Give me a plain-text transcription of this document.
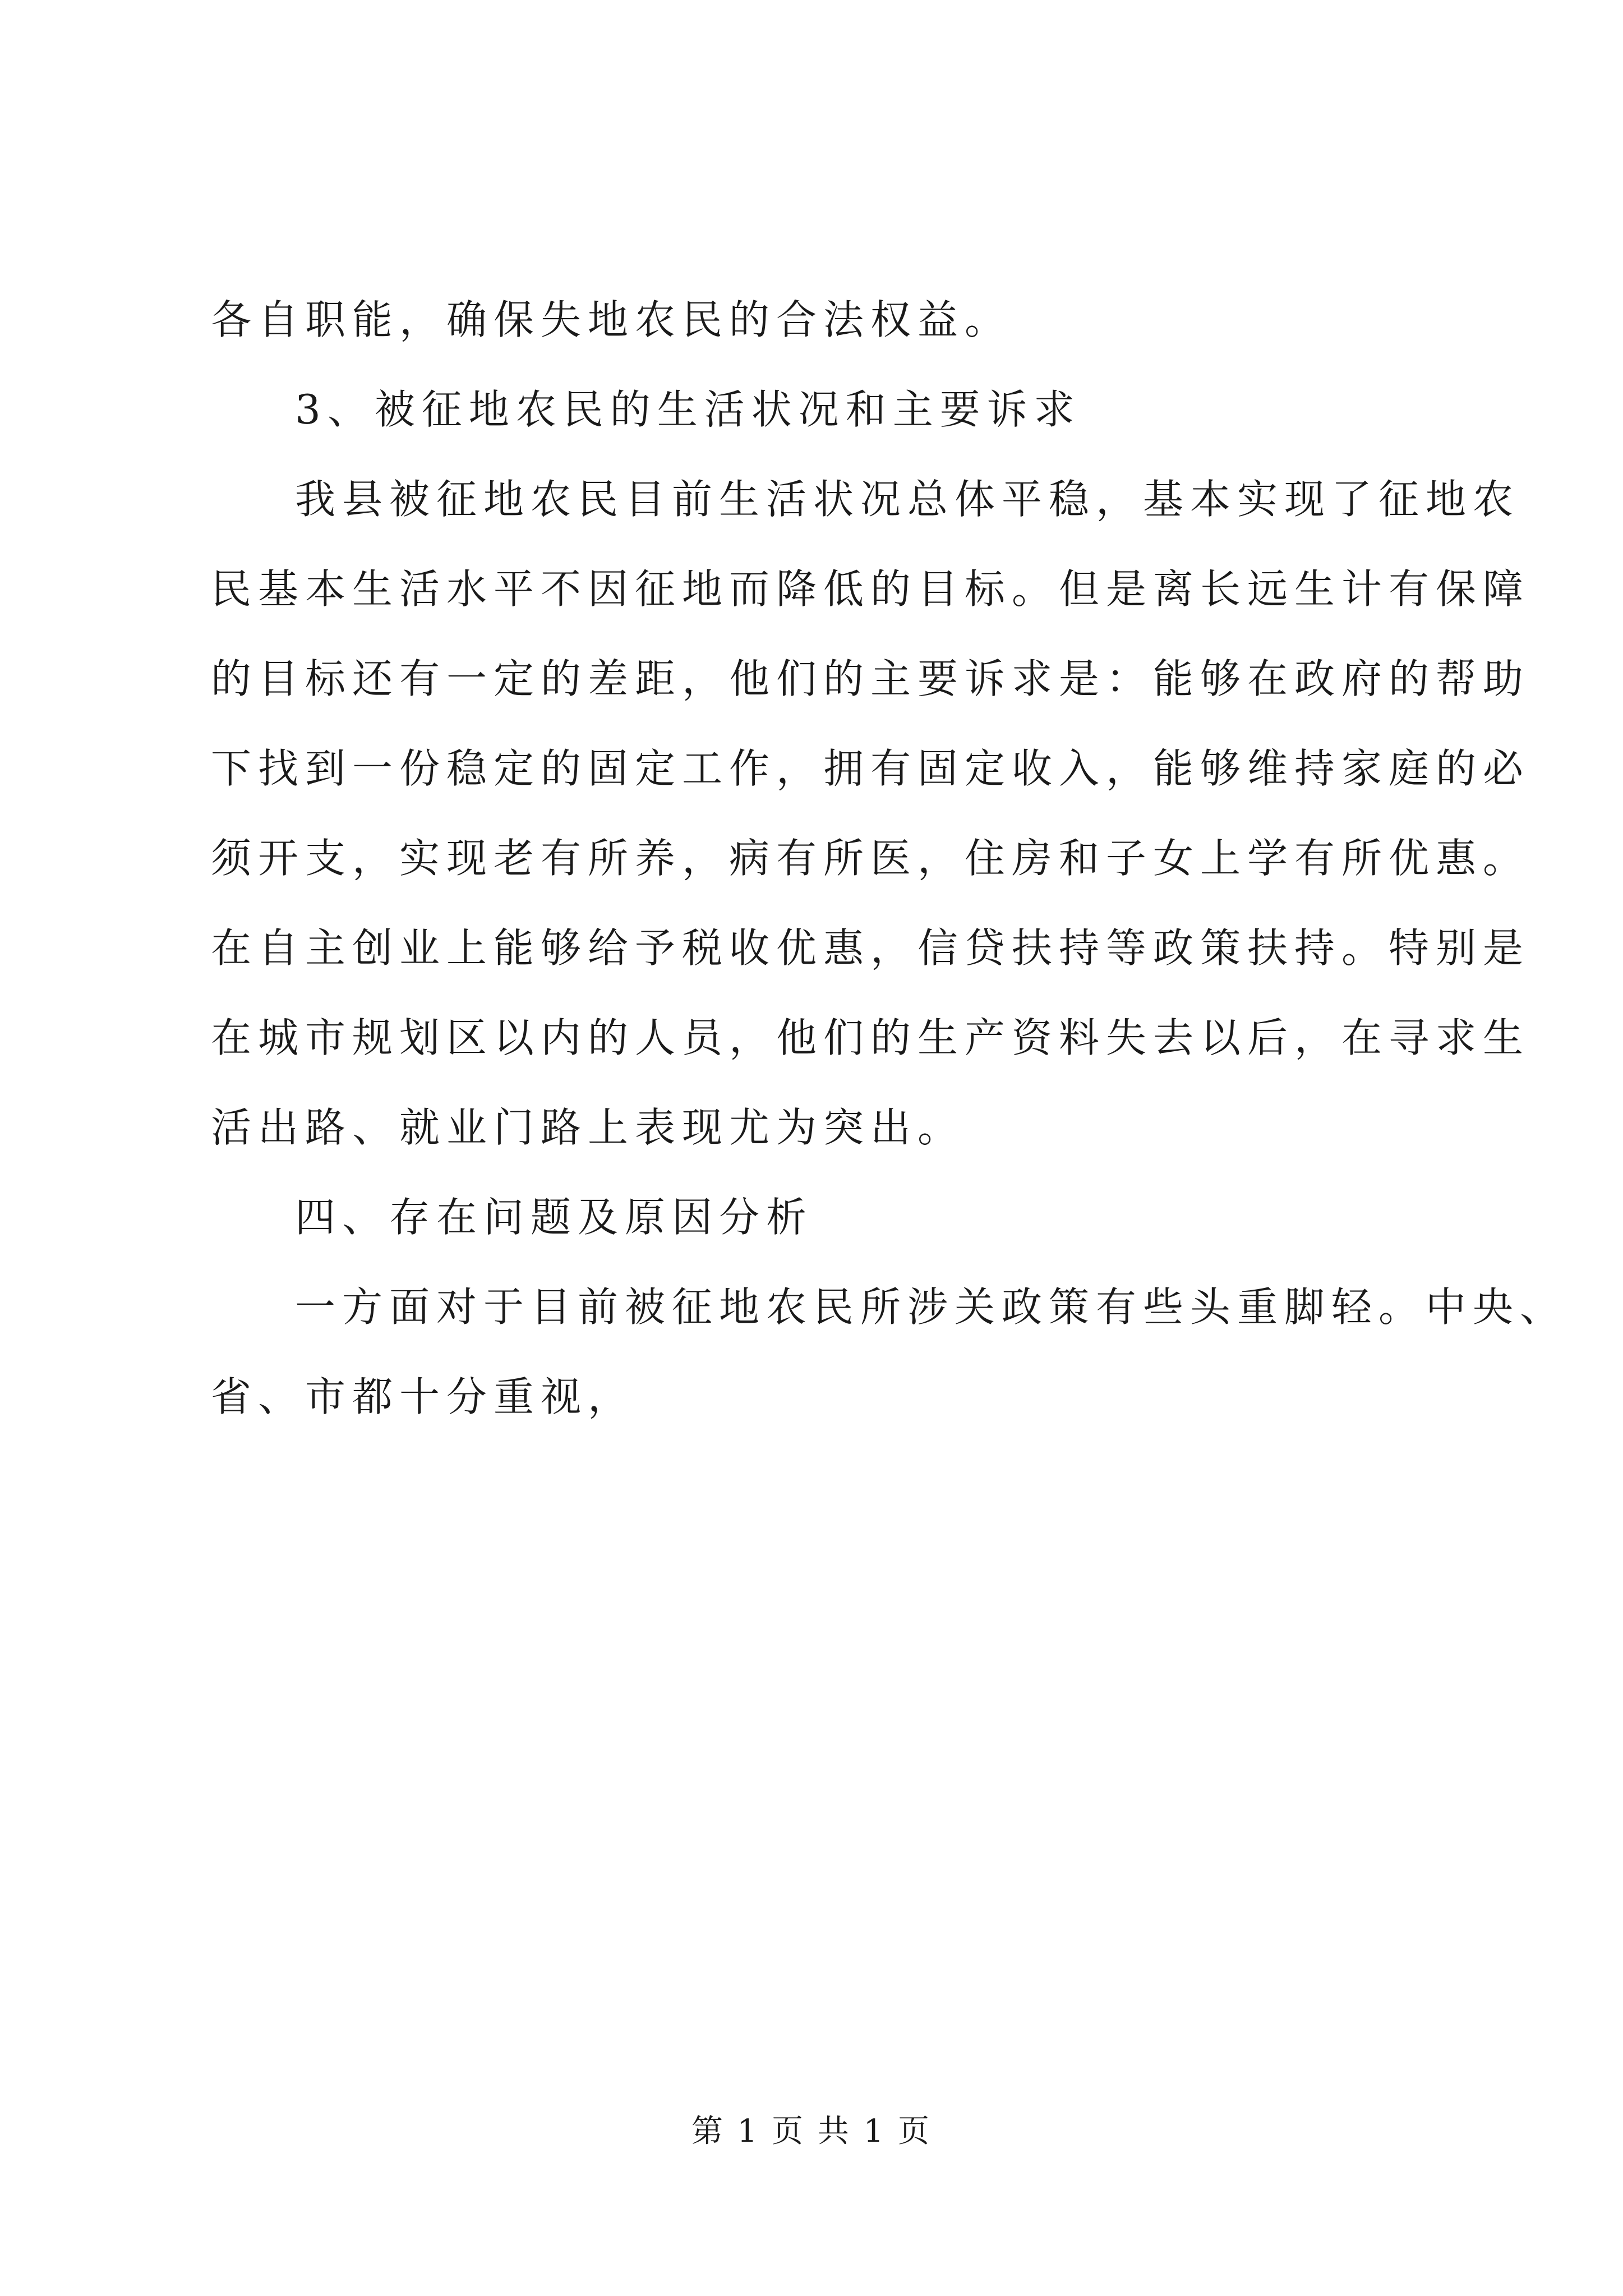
各自职能，确保失地农民的合法权益。
3、被征地农民的生活状况和主要诉求
我县被征地农民目前生活状况总体平稳，基本实现了征地农
民基本生活水平不因征地而降低的目标。但是离长远生计有保障
的目标还有一定的差距，他们的主要诉求是：能够在政府的帮助
下找到一份稳定的固定工作，拥有固定收入，能够维持家庭的必
须开支，实现老有所养，病有所医，住房和子女上学有所优惠。
在自主创业上能够给予税收优惠，信贷扶持等政策扶持。特别是
在城市规划区以内的人员，他们的生产资料失去以后，在寻求生
活出路、就业门路上表现尤为突出。
四、存在问题及原因分析
一方面对于目前被征地农民所涉关政策有些头重脚轻。中央、
省、市都十分重视，
第 1 页 共 1 页
